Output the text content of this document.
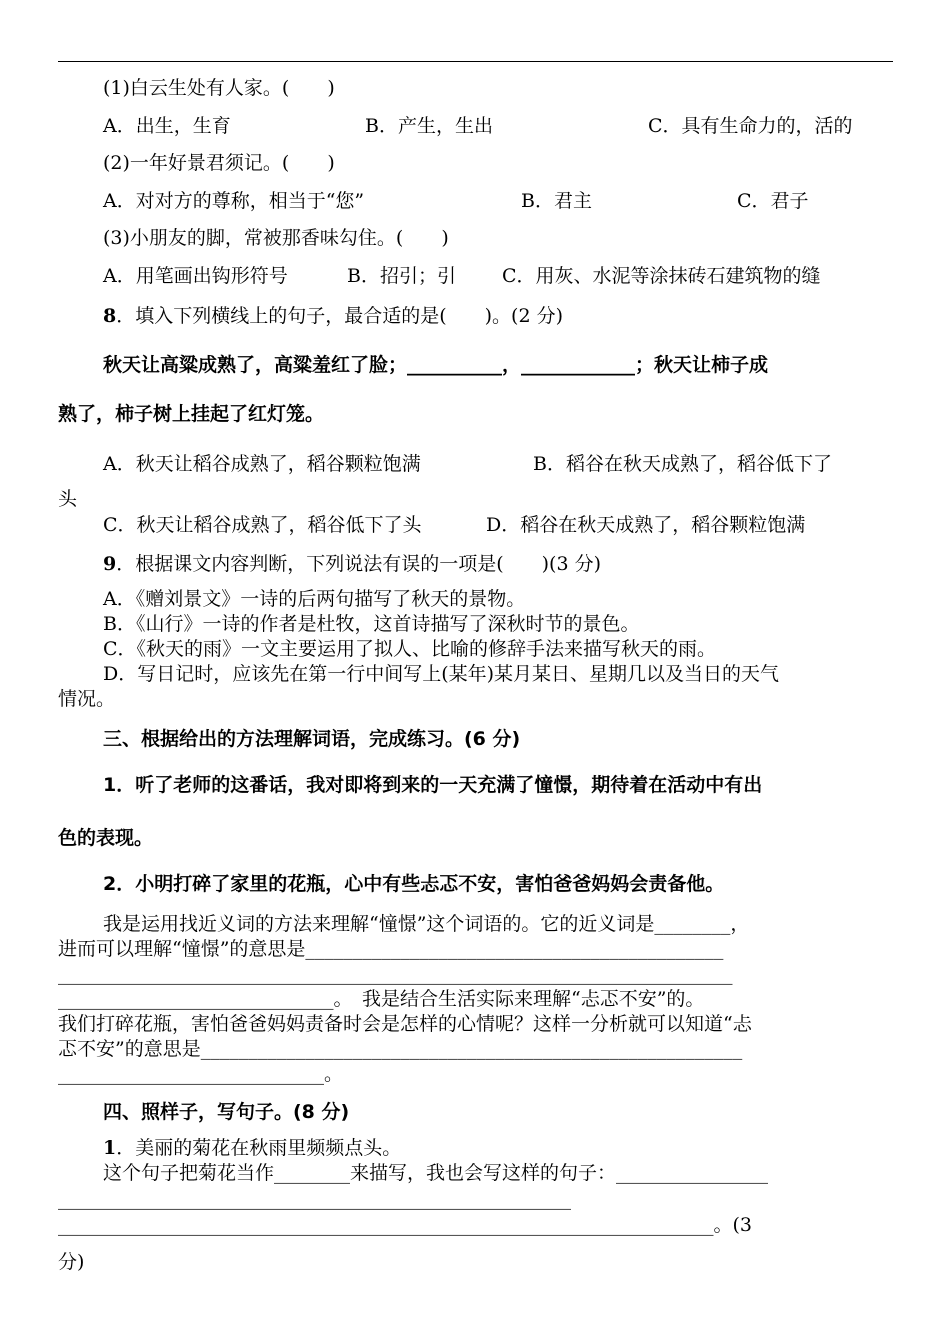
(1)白云生处有人家。(　　)
A．出生，生育	B．产生，生出	C．具有生命力的，活的
(2)一年好景君须记。(　　)
A．对对方的尊称，相当于“您”	B．君主	C．君子
(3)小朋友的脚，常被那香味勾住。(　　)
A．用笔画出钩形符号	B．招引；引 C．用灰、水泥等涂抹砖石建筑物的缝
8．填入下列横线上的句子，最合适的是(　　)。(2 分)
秋天让高粱成熟了，高粱羞红了脸；__________，____________；秋天让柿子成
熟了，柿子树上挂起了红灯笼。
A．秋天让稻谷成熟了，稻谷颗粒饱满	B．稻谷在秋天成熟了，稻谷低下了
头
C．秋天让稻谷成熟了，稻谷低下了头	D．稻谷在秋天成熟了，稻谷颗粒饱满
9．根据课文内容判断，下列说法有误的一项是(　　)(3 分)
A．《赠刘景文》一诗的后两句描写了秋天的景物。
B．《山行》一诗的作者是杜牧，这首诗描写了深秋时节的景色。
C．《秋天的雨》一文主要运用了拟人、比喻的修辞手法来描写秋天的雨。
D．写日记时，应该先在第一行中间写上(某年)某月某日、星期几以及当日的天气
情况。
三、根据给出的方法理解词语，完成练习。(6 分)
1．听了老师的这番话，我对即将到来的一天充满了憧憬，期待着在活动中有出
色的表现。
2．小明打碎了家里的花瓶，心中有些忐忑不安，害怕爸爸妈妈会责备他。
我是运用找近义词的方法来理解“憧憬”这个词语的。它的近义词是________，
进而可以理解“憧憬”的意思是____________________________________________
_______________________________________________________________________
_____________________________。　我是结合生活实际来理解“忐忑不安”的。
我们打碎花瓶，害怕爸爸妈妈责备时会是怎样的心情呢？这样一分析就可以知道“忐
忑不安”的意思是_________________________________________________________
____________________________。
四、照样子，写句子。(8 分)
1．美丽的菊花在秋雨里频频点头。
这个句子把菊花当作________来描写，我也会写这样的句子：________________
______________________________________________________
_____________________________________________________________________。(3
分)
